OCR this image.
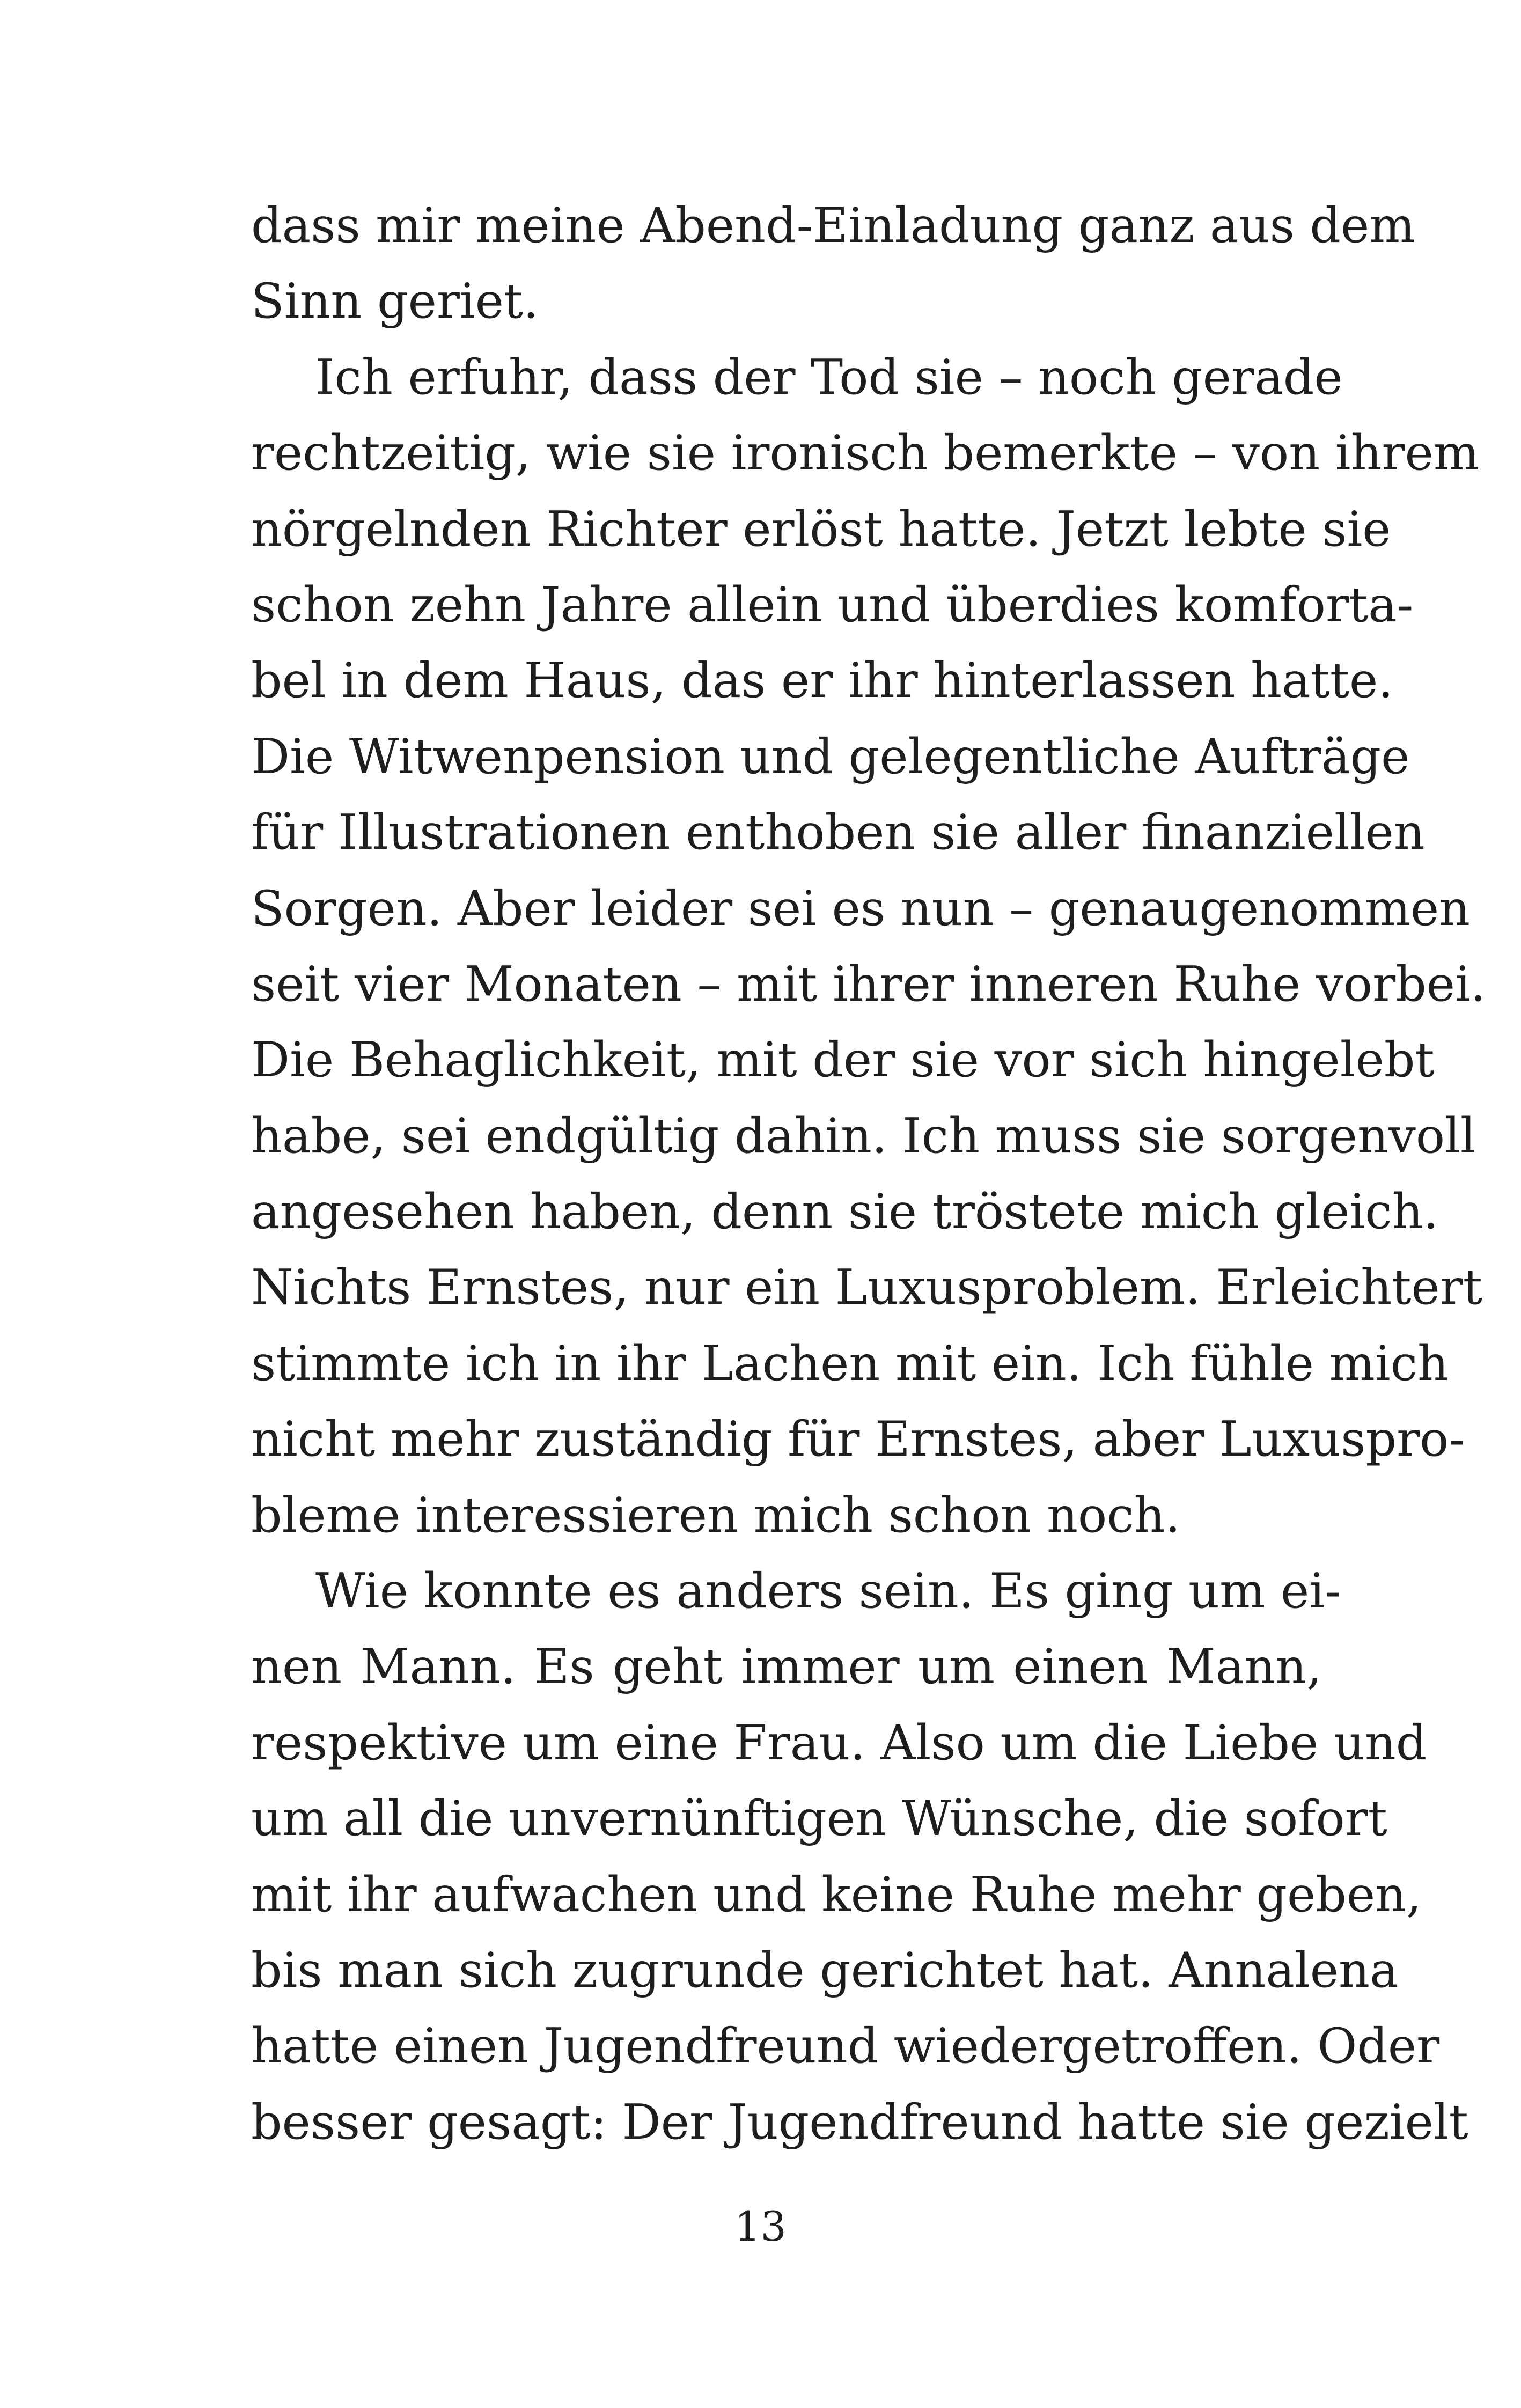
dass mir meine Abend-Einladung ganz aus dem
Sinn geriet.
Ich erfuhr, dass der Tod sie – noch gerade
rechtzeitig, wie sie ironisch bemerkte – von ihrem
nörgelnden Richter erlöst hatte. Jetzt lebte sie
schon zehn Jahre allein und überdies komforta-
bel in dem Haus, das er ihr hinterlassen hatte.
Die Witwenpension und gelegentliche Aufträge
für Illustrationen enthoben sie aller finanziellen
Sorgen. Aber leider sei es nun – genaugenommen
seit vier Monaten – mit ihrer inneren Ruhe vorbei.
Die Behaglichkeit, mit der sie vor sich hingelebt
habe, sei endgültig dahin. Ich muss sie sorgenvoll
angesehen haben, denn sie tröstete mich gleich.
Nichts Ernstes, nur ein Luxusproblem. Erleichtert
stimmte ich in ihr Lachen mit ein. Ich fühle mich
nicht mehr zuständig für Ernstes, aber Luxuspro-
bleme interessieren mich schon noch.
Wie konnte es anders sein. Es ging um ei-
nen Mann. Es geht immer um einen Mann,
respektive um eine Frau. Also um die Liebe und
um all die unvernünftigen Wünsche, die sofort
mit ihr aufwachen und keine Ruhe mehr geben,
bis man sich zugrunde gerichtet hat. Annalena
hatte einen Jugendfreund wiedergetroffen. Oder
besser gesagt: Der Jugendfreund hatte sie gezielt
13
